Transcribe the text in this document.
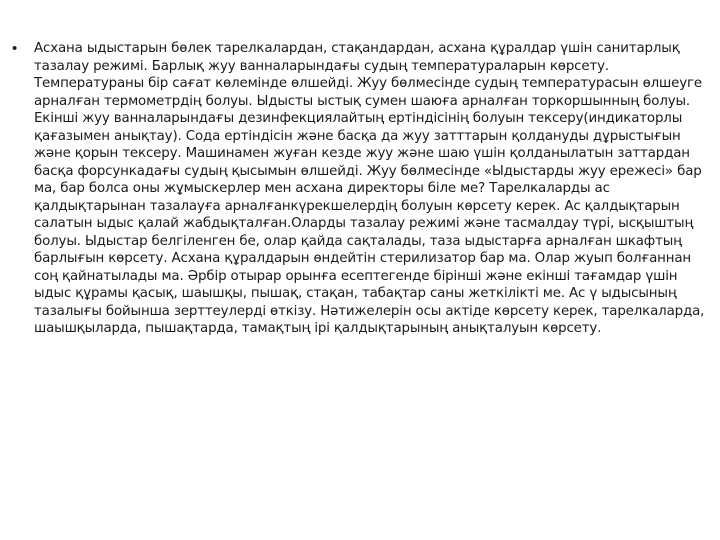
•	Асхана ыдыстарын бөлек тарелкалардан, стақандардан, асхана құралдар үшін санитарлық тазалау режимі. Барлық жуу ванналарындағы судың температураларын көрсету. Температураны бір сағат көлемінде өлшейді. Жуу бөлмесінде судың температурасын өлшеуге арналған термометрдің болуы. Ыдысты ыстық сумен шаюға арналған торкоршынның болуы. Екінші жуу ванналарындағы дезинфекциялайтың ертіндісінің болуын тексеру(индикаторлы қағазымен анықтау). Сода ертіндісін және басқа да жуу затттарын қолдануды дұрыстығын және қорын тексеру. Машинамен жуған кезде жуу және шаю үшін қолданылатын заттардан басқа форсункадағы судың қысымын өлшейді. Жуу бөлмесінде «Ыдыстарды жуу ережесі» бар ма, бар болса оны жұмыскерлер мен асхана директоры біле ме? Тарелкаларды ас қалдықтарынан тазалауға арналғанкүрекшелердің болуын көрсету керек. Ас қалдықтарын салатын ыдыс қалай жабдықталған.Оларды тазалау режимі және тасмалдау түрі, ысқыштың болуы. Ыдыстар белгіленген бе, олар қайда сақталады, таза ыдыстарға арналған шкафтың барлығын көрсету. Асхана құралдарын өндейтін стерилизатор бар ма. Олар жуып болғаннан соң қайнатылады ма. Әрбір отырар орынға есептегенде бірінші және екінші тағамдар үшін ыдыс құрамы қасық, шаышқы, пышақ, стақан, табақтар саны жеткілікті ме. Ас ү ыдысының тазалығы бойынша зерттеулерді өткізу. Нәтижелерін осы актіде көрсету керек, тарелкаларда, шаышқыларда, пышақтарда, тамақтың ірі қалдықтарының анықталуын көрсету.
